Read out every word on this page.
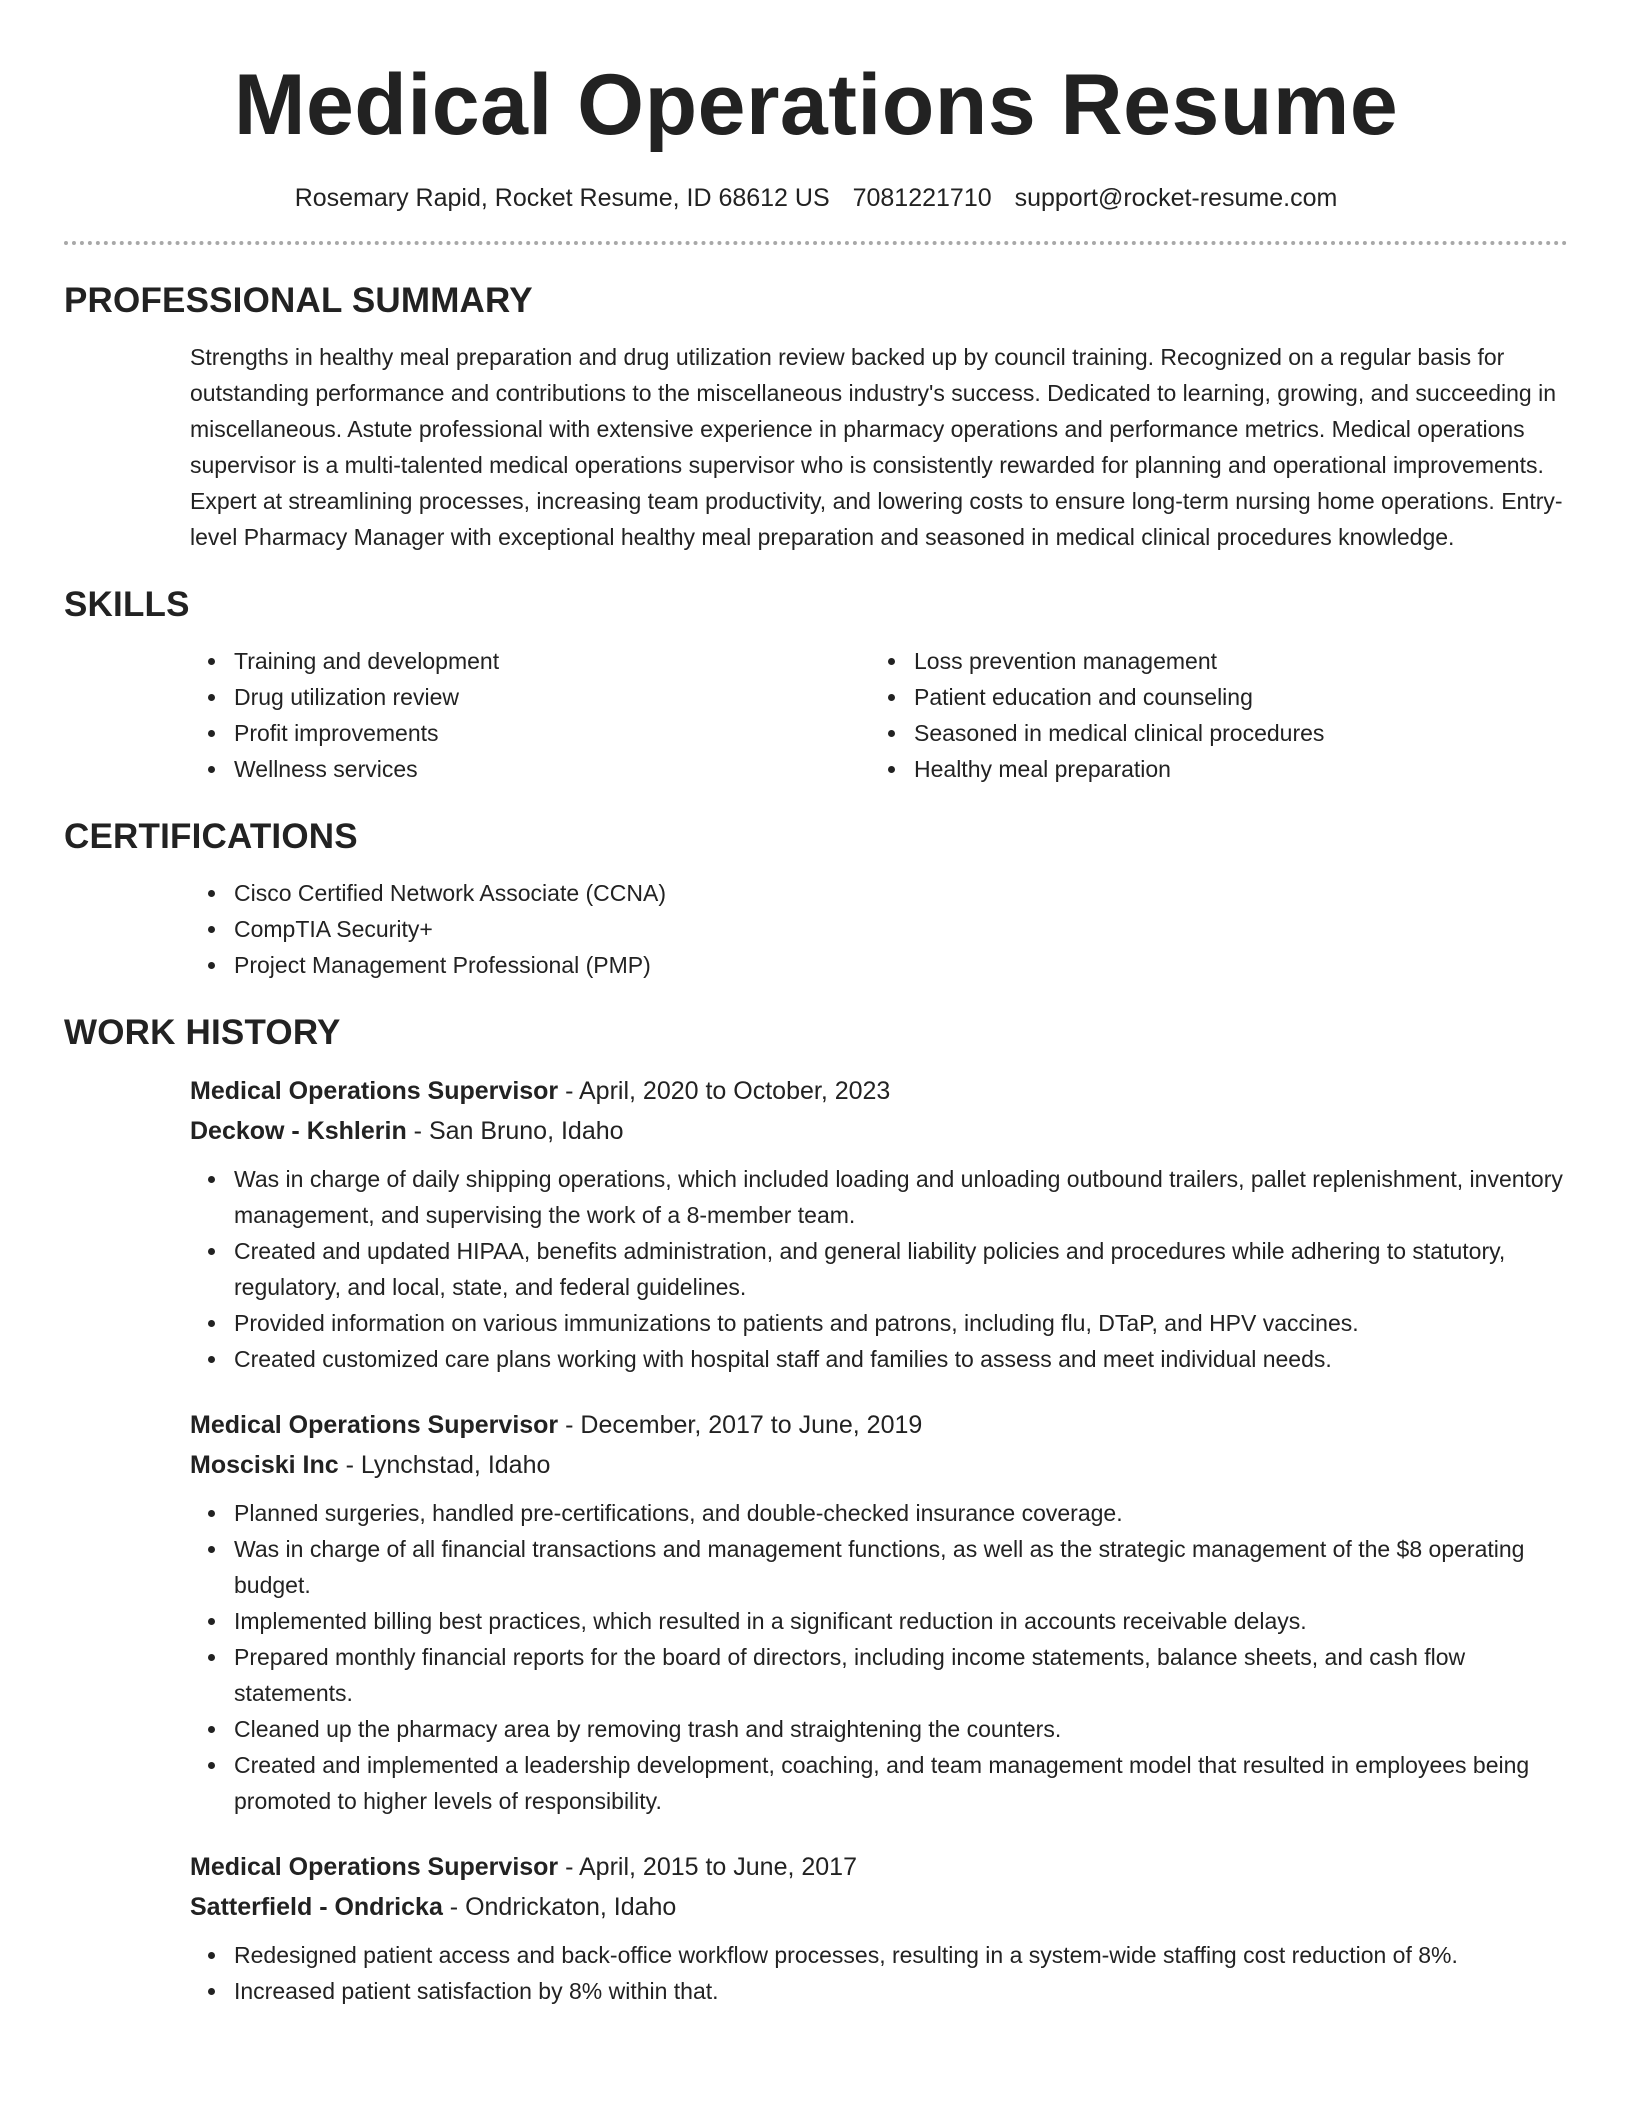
Medical Operations Resume
Rosemary Rapid, Rocket Resume, ID 68612 US 7081221710 support@rocket-resume.com
PROFESSIONAL SUMMARY

Strengths in healthy meal preparation and drug utilization review backed up by council training. Recognized on a regular basis for outstanding performance and contributions to the miscellaneous industry's success. Dedicated to learning, growing, and succeeding in miscellaneous. Astute professional with extensive experience in pharmacy operations and performance metrics. Medical operations supervisor is a multi-talented medical operations supervisor who is consistently rewarded for planning and operational improvements. Expert at streamlining processes, increasing team productivity, and lowering costs to ensure long-term nursing home operations. Entry-level Pharmacy Manager with exceptional healthy meal preparation and seasoned in medical clinical procedures knowledge.

SKILLS
Training and development
Drug utilization review
Profit improvements
Wellness services
Loss prevention management
Patient education and counseling
Seasoned in medical clinical procedures
Healthy meal preparation
CERTIFICATIONS
Cisco Certified Network Associate (CCNA)
CompTIA Security+
Project Management Professional (PMP)
WORK HISTORY
Medical Operations Supervisor - April, 2020 to October, 2023
Deckow - Kshlerin - San Bruno, Idaho
Was in charge of daily shipping operations, which included loading and unloading outbound trailers, pallet replenishment, inventory management, and supervising the work of a 8-member team.
Created and updated HIPAA, benefits administration, and general liability policies and procedures while adhering to statutory, regulatory, and local, state, and federal guidelines.
Provided information on various immunizations to patients and patrons, including flu, DTaP, and HPV vaccines.
Created customized care plans working with hospital staff and families to assess and meet individual needs.
Medical Operations Supervisor - December, 2017 to June, 2019
Mosciski Inc - Lynchstad, Idaho
Planned surgeries, handled pre-certifications, and double-checked insurance coverage.
Was in charge of all financial transactions and management functions, as well as the strategic management of the $8 operating budget.
Implemented billing best practices, which resulted in a significant reduction in accounts receivable delays.
Prepared monthly financial reports for the board of directors, including income statements, balance sheets, and cash flow statements.
Cleaned up the pharmacy area by removing trash and straightening the counters.
Created and implemented a leadership development, coaching, and team management model that resulted in employees being promoted to higher levels of responsibility.
Medical Operations Supervisor - April, 2015 to June, 2017
Satterfield - Ondricka - Ondrickaton, Idaho
Redesigned patient access and back-office workflow processes, resulting in a system-wide staffing cost reduction of 8%.
Increased patient satisfaction by 8% within that.
